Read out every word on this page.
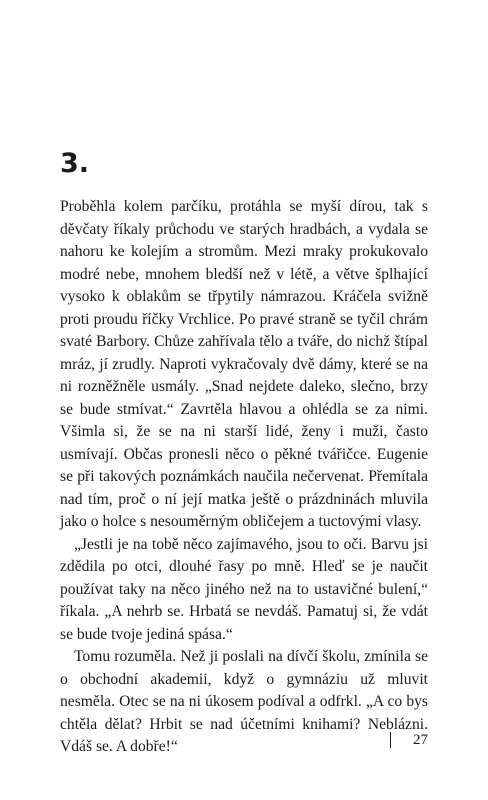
3.

Proběhla kolem parčíku, protáhla se myší dírou, tak s děvčaty říkaly průchodu ve starých hradbách, a vydala se nahoru ke kolejím a stromům. Mezi mraky prokukovalo modré nebe, mnohem bledší než v létě, a větve šplhající vysoko k oblakům se třpytily námrazou. Kráčela svižně proti proudu říčky Vrchlice. Po pravé straně se tyčil chrám svaté Barbory. Chůze zahřívala tělo a tváře, do nichž štípal mráz, jí zrudly. Naproti vykračovaly dvě dámy, které se na ni rozněžněle usmály. „Snad nejdete daleko, slečno, brzy se bude stmívat.“ Zavrtěla hlavou a ohlédla se za nimi. Všimla si, že se na ni starší lidé, ženy i muži, často usmívají. Občas pronesli něco o pěkné tvářičce. Eugenie se při takových poznámkách naučila nečervenat. Přemítala nad tím, proč o ní její matka ještě o prázdninách mluvila jako o holce s nesouměrným obličejem a tuctovými vlasy.

„Jestli je na tobě něco zajímavého, jsou to oči. Barvu jsi zdědila po otci, dlouhé řasy po mně. Hleď se je naučit používat taky na něco jiného než na to ustavičné bulení,“ říkala. „A nehrb se. Hrbatá se nevdáš. Pamatuj si, že vdát se bude tvoje jediná spása.“

Tomu rozuměla. Než ji poslali na dívčí školu, zmínila se o obchodní akademii, když o gymnáziu už mluvit nesměla. Otec se na ni úkosem podíval a odfrkl. „A co bys chtěla dělat? Hrbit se nad účetními knihami? Neblázni. Vdáš se. A dobře!“	27
